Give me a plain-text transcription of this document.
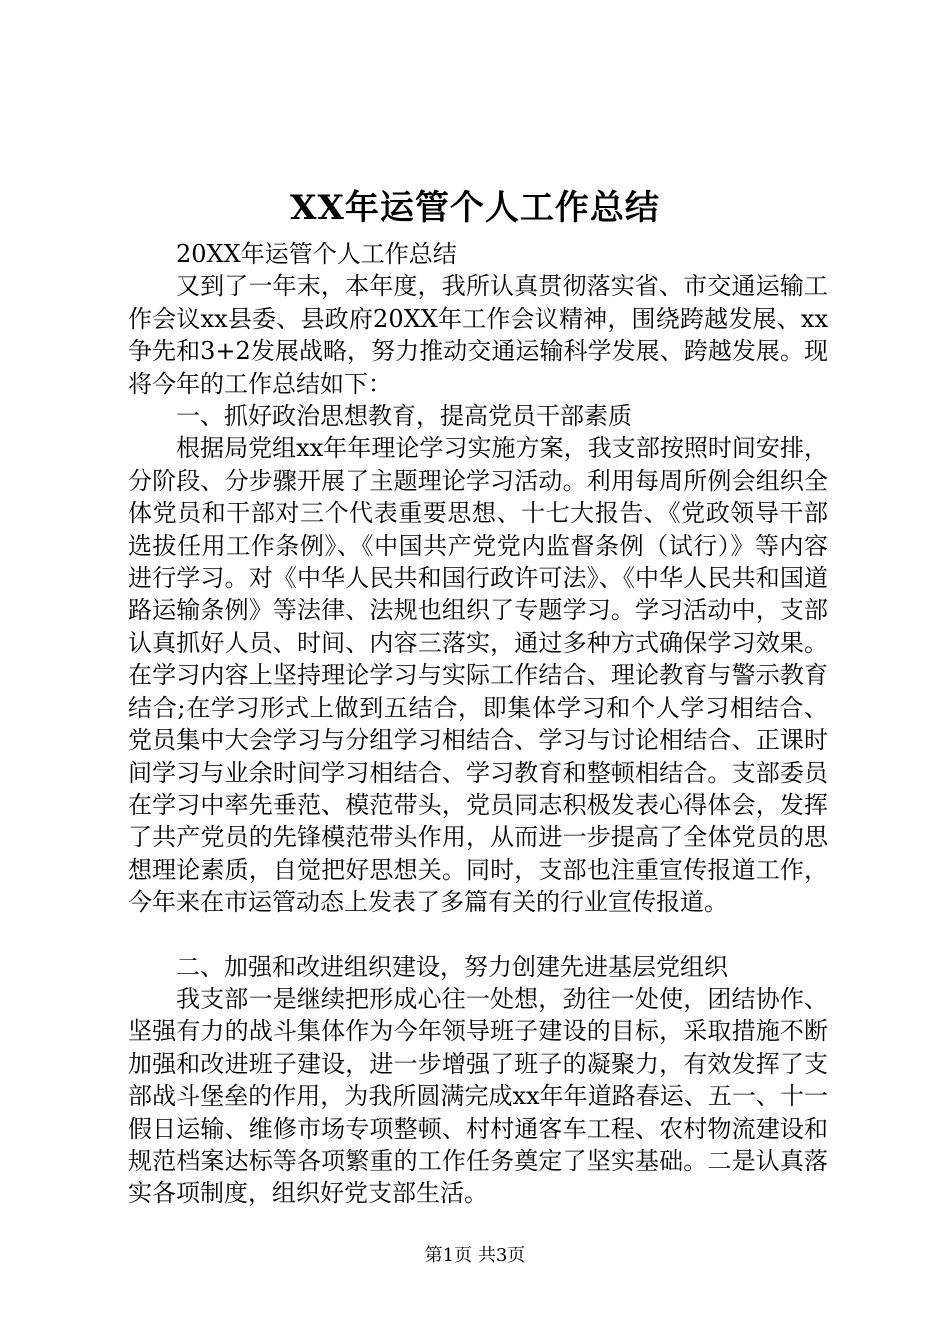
XX年运管个人工作总结

20XX年运管个人工作总结

又到了一年末，本年度，我所认真贯彻落实省、市交通运输工作会议xx县委、县政府20XX年工作会议精神，围绕跨越发展、xx争先和3+2发展战略，努力推动交通运输科学发展、跨越发展。现将今年的工作总结如下：

一、抓好政治思想教育，提高党员干部素质

根据局党组xx年年理论学习实施方案，我支部按照时间安排，分阶段、分步骤开展了主题理论学习活动。利用每周所例会组织全体党员和干部对三个代表重要思想、十七大报告、《党政领导干部选拔任用工作条例》、《中国共产党党内监督条例（试行）》等内容进行学习。对《中华人民共和国行政许可法》、《中华人民共和国道路运输条例》等法律、法规也组织了专题学习。学习活动中，支部认真抓好人员、时间、内容三落实，通过多种方式确保学习效果。在学习内容上坚持理论学习与实际工作结合、理论教育与警示教育结合;在学习形式上做到五结合，即集体学习和个人学习相结合、党员集中大会学习与分组学习相结合、学习与讨论相结合、正课时间学习与业余时间学习相结合、学习教育和整顿相结合。支部委员在学习中率先垂范、模范带头，党员同志积极发表心得体会，发挥了共产党员的先锋模范带头作用，从而进一步提高了全体党员的思想理论素质，自觉把好思想关。同时，支部也注重宣传报道工作，今年来在市运管动态上发表了多篇有关的行业宣传报道。

二、加强和改进组织建设，努力创建先进基层党组织

我支部一是继续把形成心往一处想，劲往一处使，团结协作、坚强有力的战斗集体作为今年领导班子建设的目标，采取措施不断加强和改进班子建设，进一步增强了班子的凝聚力，有效发挥了支部战斗堡垒的作用，为我所圆满完成xx年年道路春运、五一、十一假日运输、维修市场专项整顿、村村通客车工程、农村物流建设和规范档案达标等各项繁重的工作任务奠定了坚实基础。二是认真落实各项制度，组织好党支部生活。

第1页 共3页
